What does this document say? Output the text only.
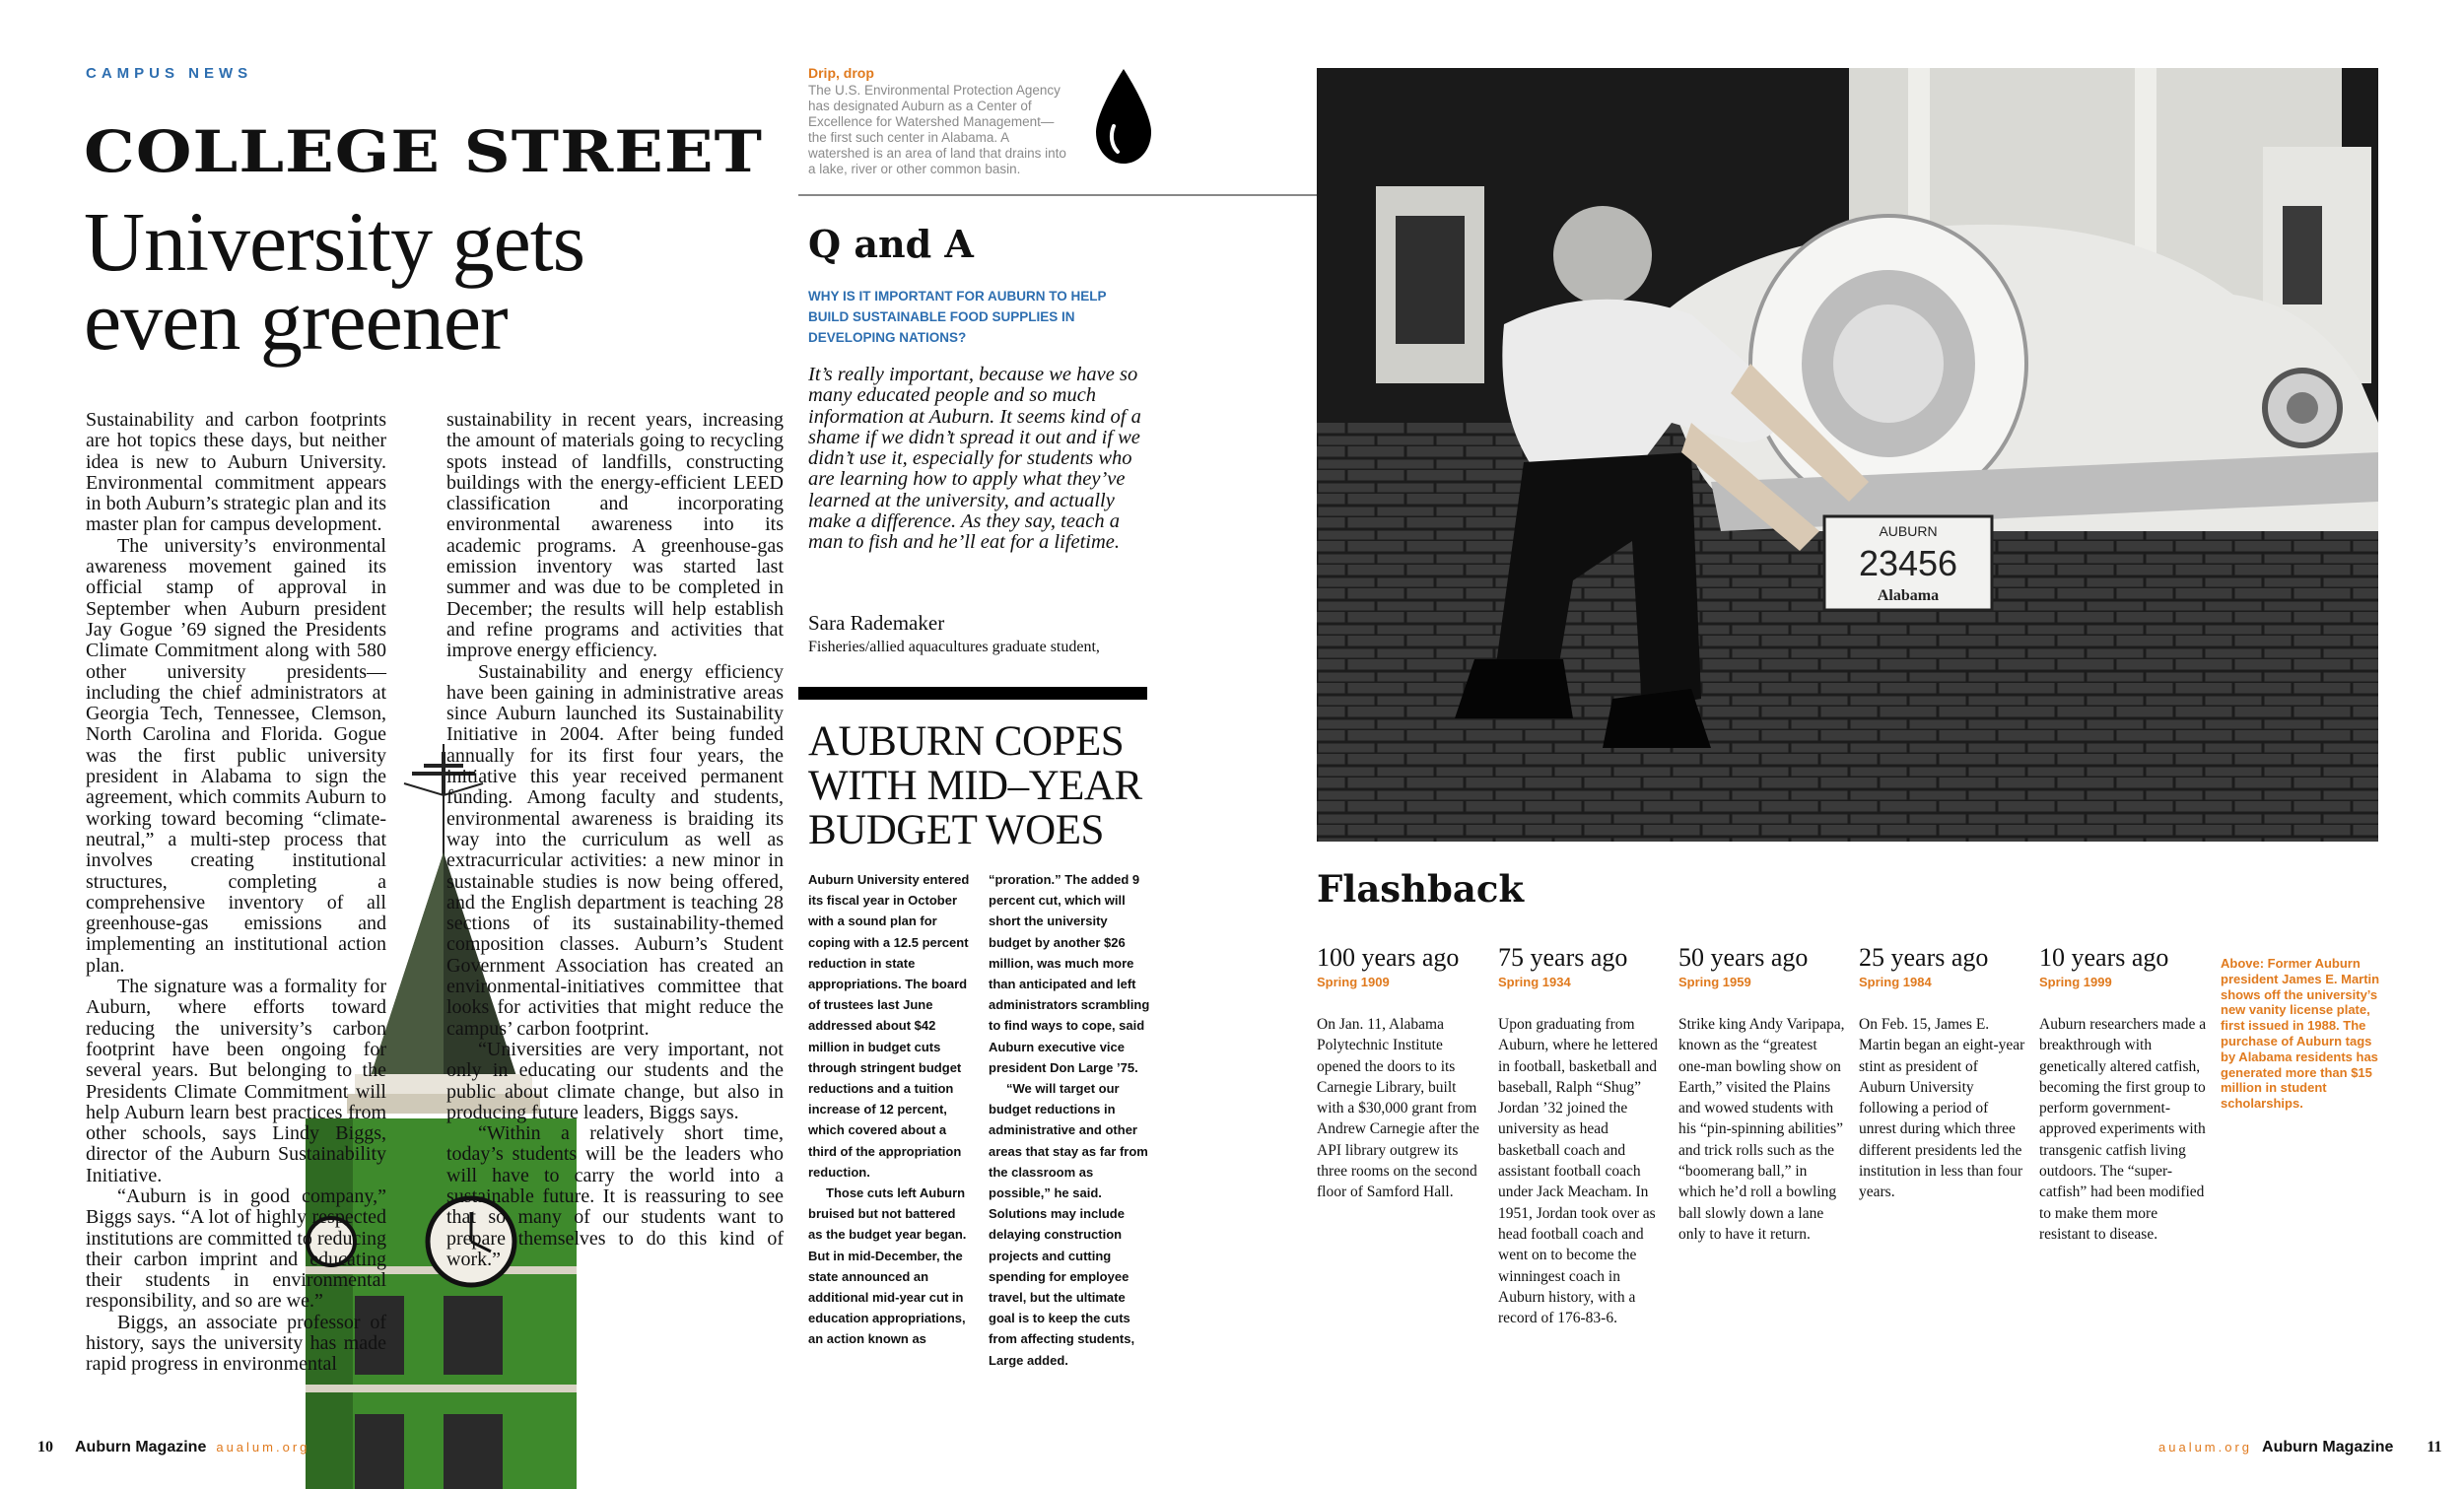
CAMPUS NEWS
COLLEGE STREET
University gets
even greener

Sustainability and carbon footprints are hot topics these days, but neither idea is new to Auburn University. Environmental commitment appears in both Auburn’s strategic plan and its master plan for campus development.

The university’s environmental awareness movement gained its official stamp of approval in September when Auburn president Jay Gogue ’69 signed the Presidents Climate Commitment along with 580 other university presidents—including the chief administrators at Georgia Tech, Tennessee, Clemson, North Carolina and Florida. Gogue was the first public university president in Alabama to sign the agreement, which commits Auburn to working toward becoming “climate-neutral,” a multi-step process that involves creating institutional structures, completing a comprehensive inventory of all greenhouse-gas emissions and implementing an institutional action plan.

The signature was a formality for Auburn, where efforts toward reducing the university’s carbon footprint have been ongoing for several years. But belonging to the Presidents Climate Commitment will help Auburn learn best practices from other schools, says Lindy Biggs, director of the Auburn Sustainability Initiative.

“Auburn is in good company,” Biggs says. “A lot of highly respected institutions are committed to reducing their carbon imprint and educating their students in environmental responsibility, and so are we.”

Biggs, an associate professor of history, says the university has made rapid progress in environmental

sustainability in recent years, increasing the amount of materials going to recycling spots instead of landfills, constructing buildings with the energy-efficient LEED classification and incorporating environmental awareness into its academic programs. A greenhouse-gas emission inventory was started last summer and was due to be completed in December; the results will help establish and refine programs and activities that improve energy efficiency.

Sustainability and energy efficiency have been gaining in administrative areas since Auburn launched its Sustainability Initiative in 2004. After being funded annually for its first four years, the initiative this year received permanent funding. Among faculty and students, environmental awareness is braiding its way into the curriculum as well as extracurricular activities: a new minor in sustainable studies is now being offered, and the English department is teaching 28 sections of its sustainability-themed composition classes. Auburn’s Student Government Association has created an environmental-initiatives committee that looks for activities that might reduce the campus’ carbon footprint.

“Universities are very important, not only in educating our students and the public about climate change, but also in producing future leaders, Biggs says.

“Within a relatively short time, today’s students will be the leaders who will have to carry the world into a sustainable future. It is reassuring to see that so many of our students want to prepare themselves to do this kind of work.”

10 Auburn Magazine aualum.org
Drip, drop
The U.S. Environmental Protection Agency has designated Auburn as a Center of Excellence for Watershed Management—the first such center in Alabama. A watershed is an area of land that drains into a lake, river or other common basin.
Q and A
WHY IS IT IMPORTANT FOR AUBURN TO HELP BUILD SUSTAINABLE FOOD SUPPLIES IN DEVELOPING NATIONS?
It’s really important, because we have so many educated people and so much information at Auburn. It seems kind of a shame if we didn’t spread it out and if we didn’t use it, especially for students who are learning how to apply what they’ve learned at the university, and actually make a difference. As they say, teach a man to fish and he’ll eat for a lifetime.
Sara Rademaker
Fisheries/allied aquacultures graduate student,
AUBURN COPES WITH MID–YEAR BUDGET WOES

Auburn University entered its fiscal year in October with a sound plan for coping with a 12.5 percent reduction in state appropriations. The board of trustees last June addressed about $42 million in budget cuts through stringent budget reductions and a tuition increase of 12 percent, which covered about a third of the appropriation reduction.

Those cuts left Auburn bruised but not battered as the budget year began. But in mid-December, the state announced an additional mid-year cut in education appropriations, an action known as

“proration.” The added 9 percent cut, which will short the university budget by another $26 million, was much more than anticipated and left administrators scrambling to find ways to cope, said Auburn executive vice president Don Large ’75.

“We will target our budget reductions in administrative and other areas that stay as far from the classroom as possible,” he said. Solutions may include delaying construction projects and cutting spending for employee travel, but the ultimate goal is to keep the cuts from affecting students, Large added.

AUBURN
23456
Alabama
Flashback
100 years ago
Spring 1909
On Jan. 11, Alabama Polytechnic Institute opened the doors to its Carnegie Library, built with a $30,000 grant from Andrew Carnegie after the API library outgrew its three rooms on the second floor of Samford Hall.
75 years ago
Spring 1934
Upon graduating from Auburn, where he lettered in football, basketball and baseball, Ralph “Shug” Jordan ’32 joined the university as head basketball coach and assistant football coach under Jack Meacham. In 1951, Jordan took over as head football coach and went on to become the winningest coach in Auburn history, with a record of 176-83-6.
50 years ago
Spring 1959
Strike king Andy Varipapa, known as the “greatest one-man bowling show on Earth,” visited the Plains and wowed students with his “pin-spinning abilities” and trick rolls such as the “boomerang ball,” in which he’d roll a bowling ball slowly down a lane only to have it return.
25 years ago
Spring 1984
On Feb. 15, James E. Martin began an eight-year stint as president of Auburn University following a period of unrest during which three different presidents led the institution in less than four years.
10 years ago
Spring 1999
Auburn researchers made a breakthrough with genetically altered catfish, becoming the first group to perform government-approved experiments with transgenic catfish living outdoors. The “super-catfish” had been modified to make them more resistant to disease.
Above: Former Auburn president James E. Martin shows off the university’s new vanity license plate, first issued in 1988. The purchase of Auburn tags by Alabama residents has generated more than $15 million in student scholarships.
aualum.org Auburn Magazine 11
